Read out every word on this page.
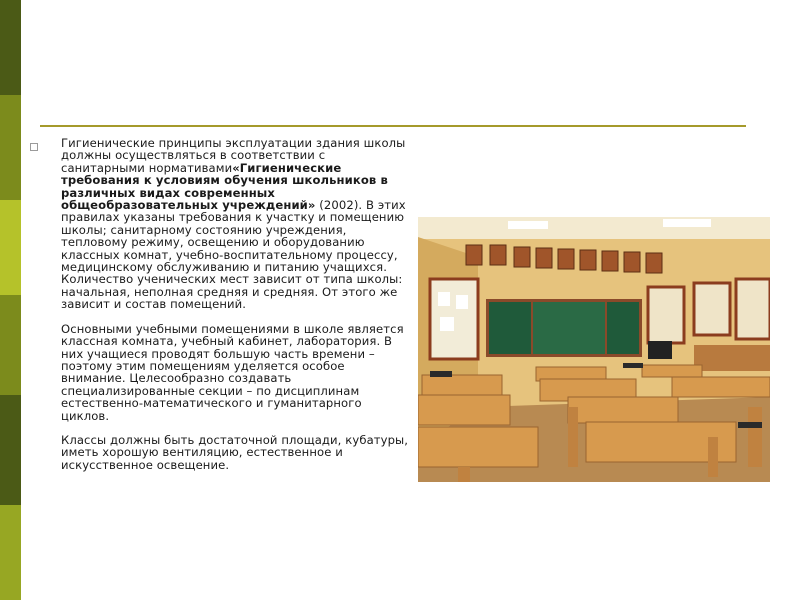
Гигиенические принципы эксплуатации здания школы должны осуществляться в соответствии с санитарными нормативами«Гигиенические требования к условиям обучения школьников в различных видах современных общеобразовательных учреждений» (2002). В этих правилах указаны требования к участку и помещению школы; санитарному состоянию учреждения, тепловому режиму, освещению и оборудованию классных комнат, учебно-воспитательному процессу, медицинскому обслуживанию и питанию учащихся. Количество ученических мест зависит от типа школы: начальная, неполная средняя и средняя. От этого же зависит и состав помещений.

Основными учебными помещениями в школе является классная комната, учебный кабинет, лаборатория. В них учащиеся проводят большую часть времени – поэтому этим помещениям уделяется особое внимание. Целесообразно создавать специализированные секции – по дисциплинам естественно-математического и гуманитарного циклов.

Классы должны быть достаточной площади, кубатуры, иметь хорошую вентиляцию, естественное и искусственное освещение.
